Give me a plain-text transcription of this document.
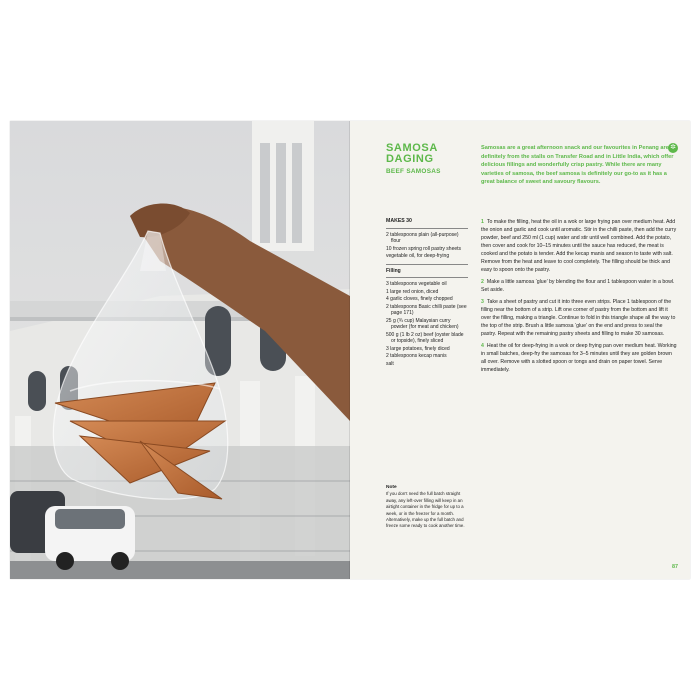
✲
SAMOSA
DAGING
BEEF SAMOSAS
Samosas are a great afternoon snack and our favourites in Penang are definitely from the stalls on Transfer Road and in Little India, which offer delicious fillings and wonderfully crisp pastry. While there are many varieties of samosa, the beef samosa is definitely our go-to as it has a great balance of sweet and savoury flavours.
MAKES 30
2 tablespoons plain (all-purpose) flour
10 frozen spring roll pastry sheets
vegetable oil, for deep-frying
Filling
3 tablespoons vegetable oil
1 large red onion, diced
4 garlic cloves, finely chopped
2 tablespoons Basic chilli paste (see page 171)
25 g (¾ cup) Malaysian curry powder (for meat and chicken)
500 g (1 lb 2 oz) beef (oyster blade or topside), finely sliced
3 large potatoes, finely diced
2 tablespoons kecap manis
salt

1 To make the filling, heat the oil in a wok or large frying pan over medium heat. Add the onion and garlic and cook until aromatic. Stir in the chilli paste, then add the curry powder, beef and 250 ml (1 cup) water and stir until well combined. Add the potato, then cover and cook for 10–15 minutes until the sauce has reduced, the meat is cooked and the potato is tender. Add the kecap manis and season to taste with salt. Remove from the heat and leave to cool completely. The filling should be thick and easy to spoon onto the pastry.

2 Make a little samosa ‘glue’ by blending the flour and 1 tablespoon water in a bowl. Set aside.

3 Take a sheet of pastry and cut it into three even strips. Place 1 tablespoon of the filling near the bottom of a strip. Lift one corner of pastry from the bottom and lift it over the filling, making a triangle. Continue to fold in this triangle shape all the way to the top of the strip. Brush a little samosa ‘glue’ on the end and press to seal the pastry. Repeat with the remaining pastry sheets and filling to make 30 samosas.

4 Heat the oil for deep-frying in a wok or deep frying pan over medium heat. Working in small batches, deep-fry the samosas for 3–5 minutes until they are golden brown all over. Remove with a slotted spoon or tongs and drain on paper towel. Serve immediately.

Note
If you don’t need the full batch straight away, any left-over filling will keep in an airtight container in the fridge for up to a week, or in the freezer for a month. Alternatively, make up the full batch and freeze some ready to cook another time.
87
